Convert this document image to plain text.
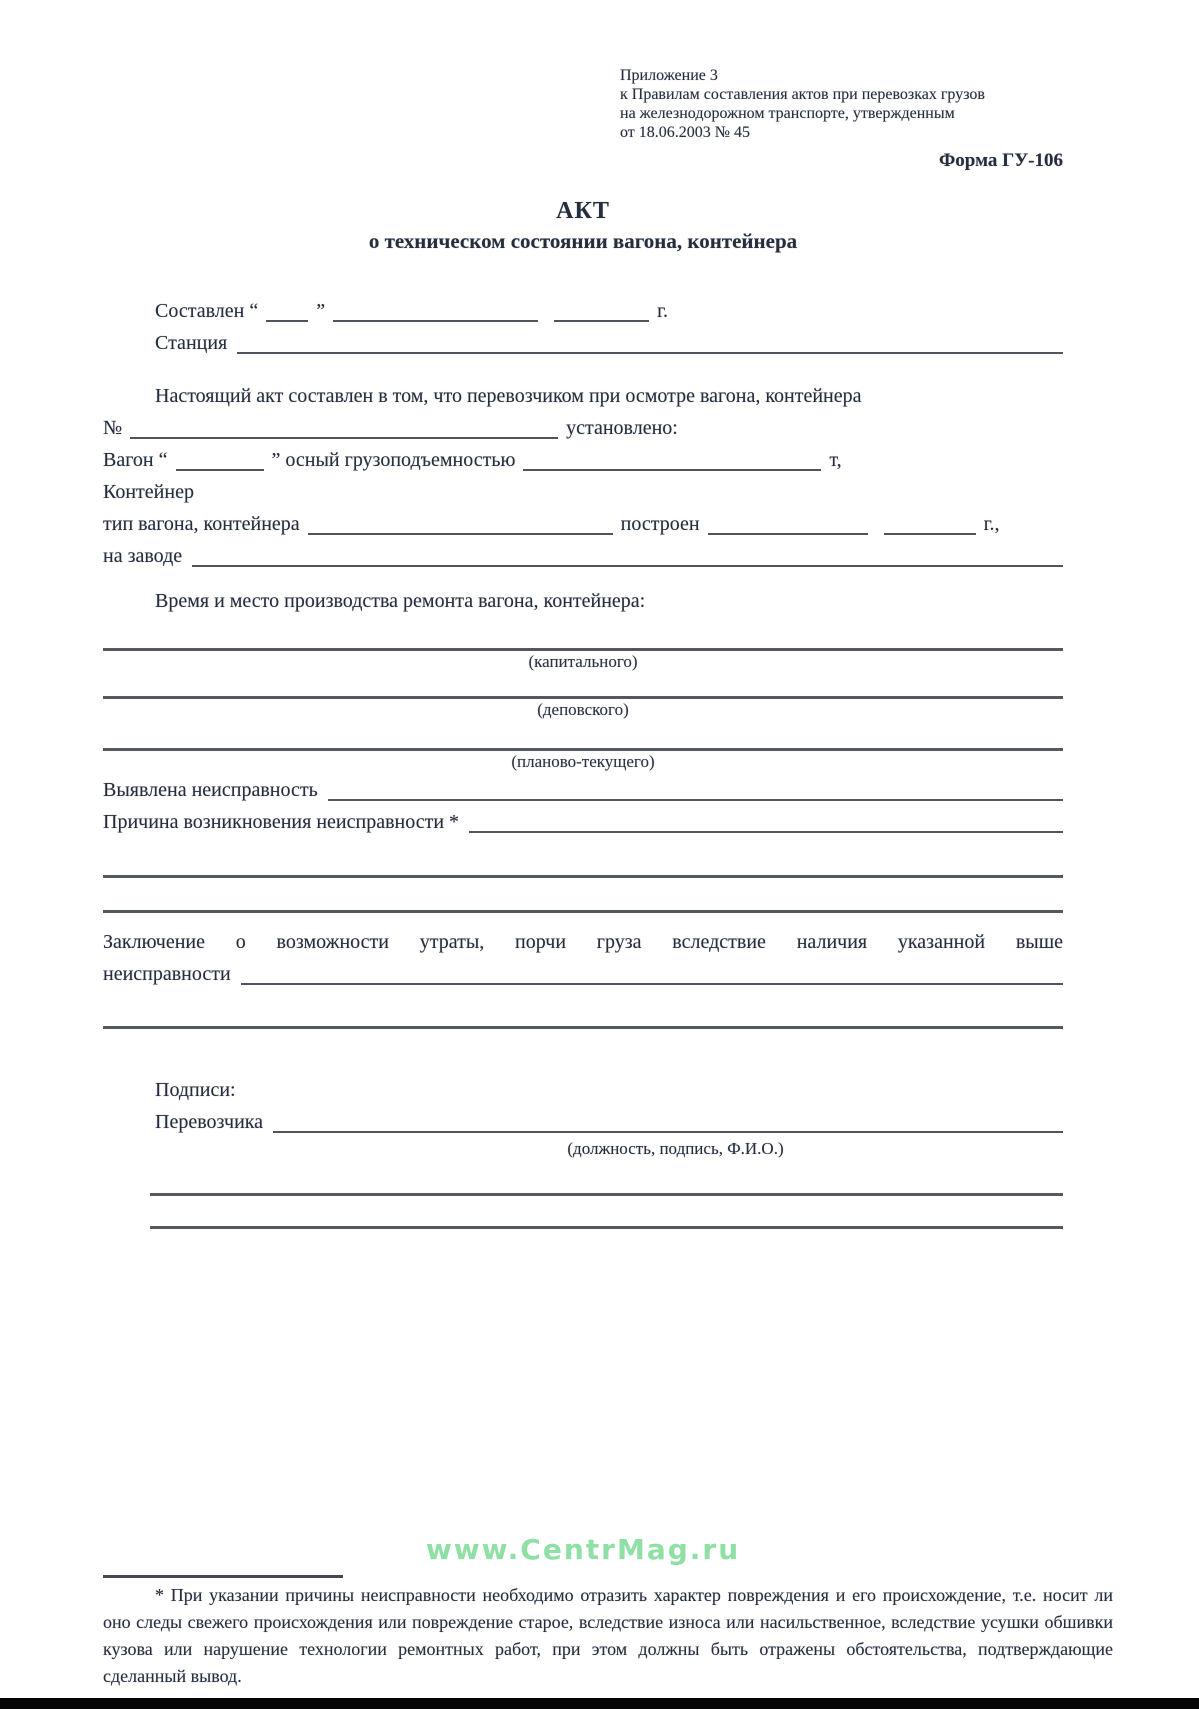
Приложение 3
к Правилам составления актов при перевозках грузов
на железнодорожном транспорте, утвержденным
от 18.06.2003 № 45
Форма ГУ-106
АКТ
о техническом состоянии вагона, контейнера
Составлен “	”	г.
Станция
Настоящий акт составлен в том, что перевозчиком при осмотре вагона, контейнера
№	установлено:
Вагон “	” осный грузоподъемностью	т,
Контейнер
тип вагона, контейнера	построен	г.,
на заводе
Время и место производства ремонта вагона, контейнера:
(капитального)
(деповского)
(планово-текущего)
Выявлена неисправность
Причина возникновения неисправности *
Заключение о возможности утраты, порчи груза вследствие наличия указанной выше
неисправности
Подписи:
Перевозчика
(должность, подпись, Ф.И.О.)
www.CentrMag.ru
* При указании причины неисправности необходимо отразить характер повреждения и его происхождение, т.е. носит ли оно следы свежего происхождения или повреждение старое, вследствие износа или насильственное, вследствие усушки обшивки кузова или нарушение технологии ремонтных работ, при этом должны быть отражены обстоятельства, подтверждающие сделанный вывод.
